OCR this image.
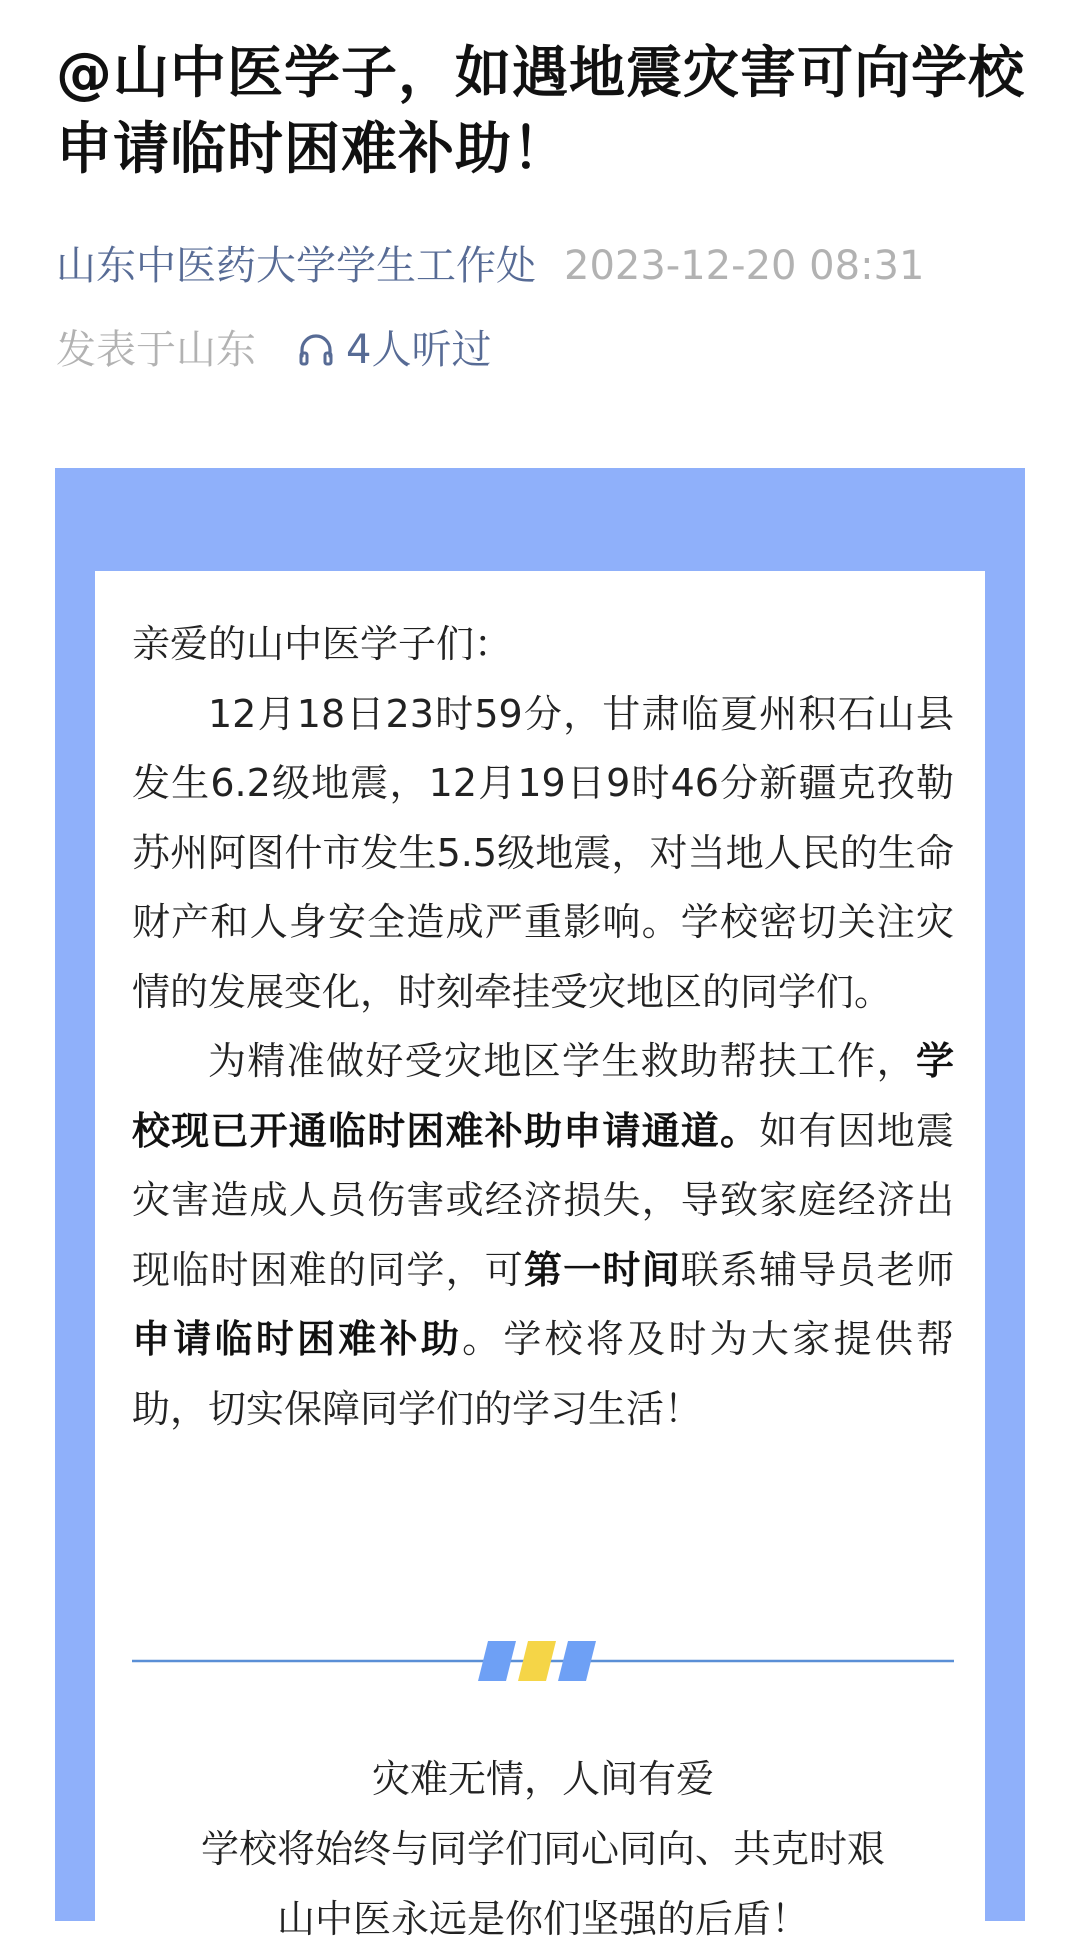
@山中医学子，如遇地震灾害可向学校申请临时困难补助！
山东中医药大学学生工作处 2023-12-20 08:31
发表于山东 4人听过

亲爱的山中医学子们：

12月18日23时59分，甘肃临夏州积石山县发生6.2级地震，12月19日9时46分新疆克孜勒苏州阿图什市发生5.5级地震，对当地人民的生命财产和人身安全造成严重影响。学校密切关注灾情的发展变化，时刻牵挂受灾地区的同学们。

为精准做好受灾地区学生救助帮扶工作，学校现已开通临时困难补助申请通道。如有因地震灾害造成人员伤害或经济损失，导致家庭经济出现临时困难的同学，可第一时间联系辅导员老师申请临时困难补助。学校将及时为大家提供帮助，切实保障同学们的学习生活！

灾难无情，人间有爱

学校将始终与同学们同心同向、共克时艰

山中医永远是你们坚强的后盾！
